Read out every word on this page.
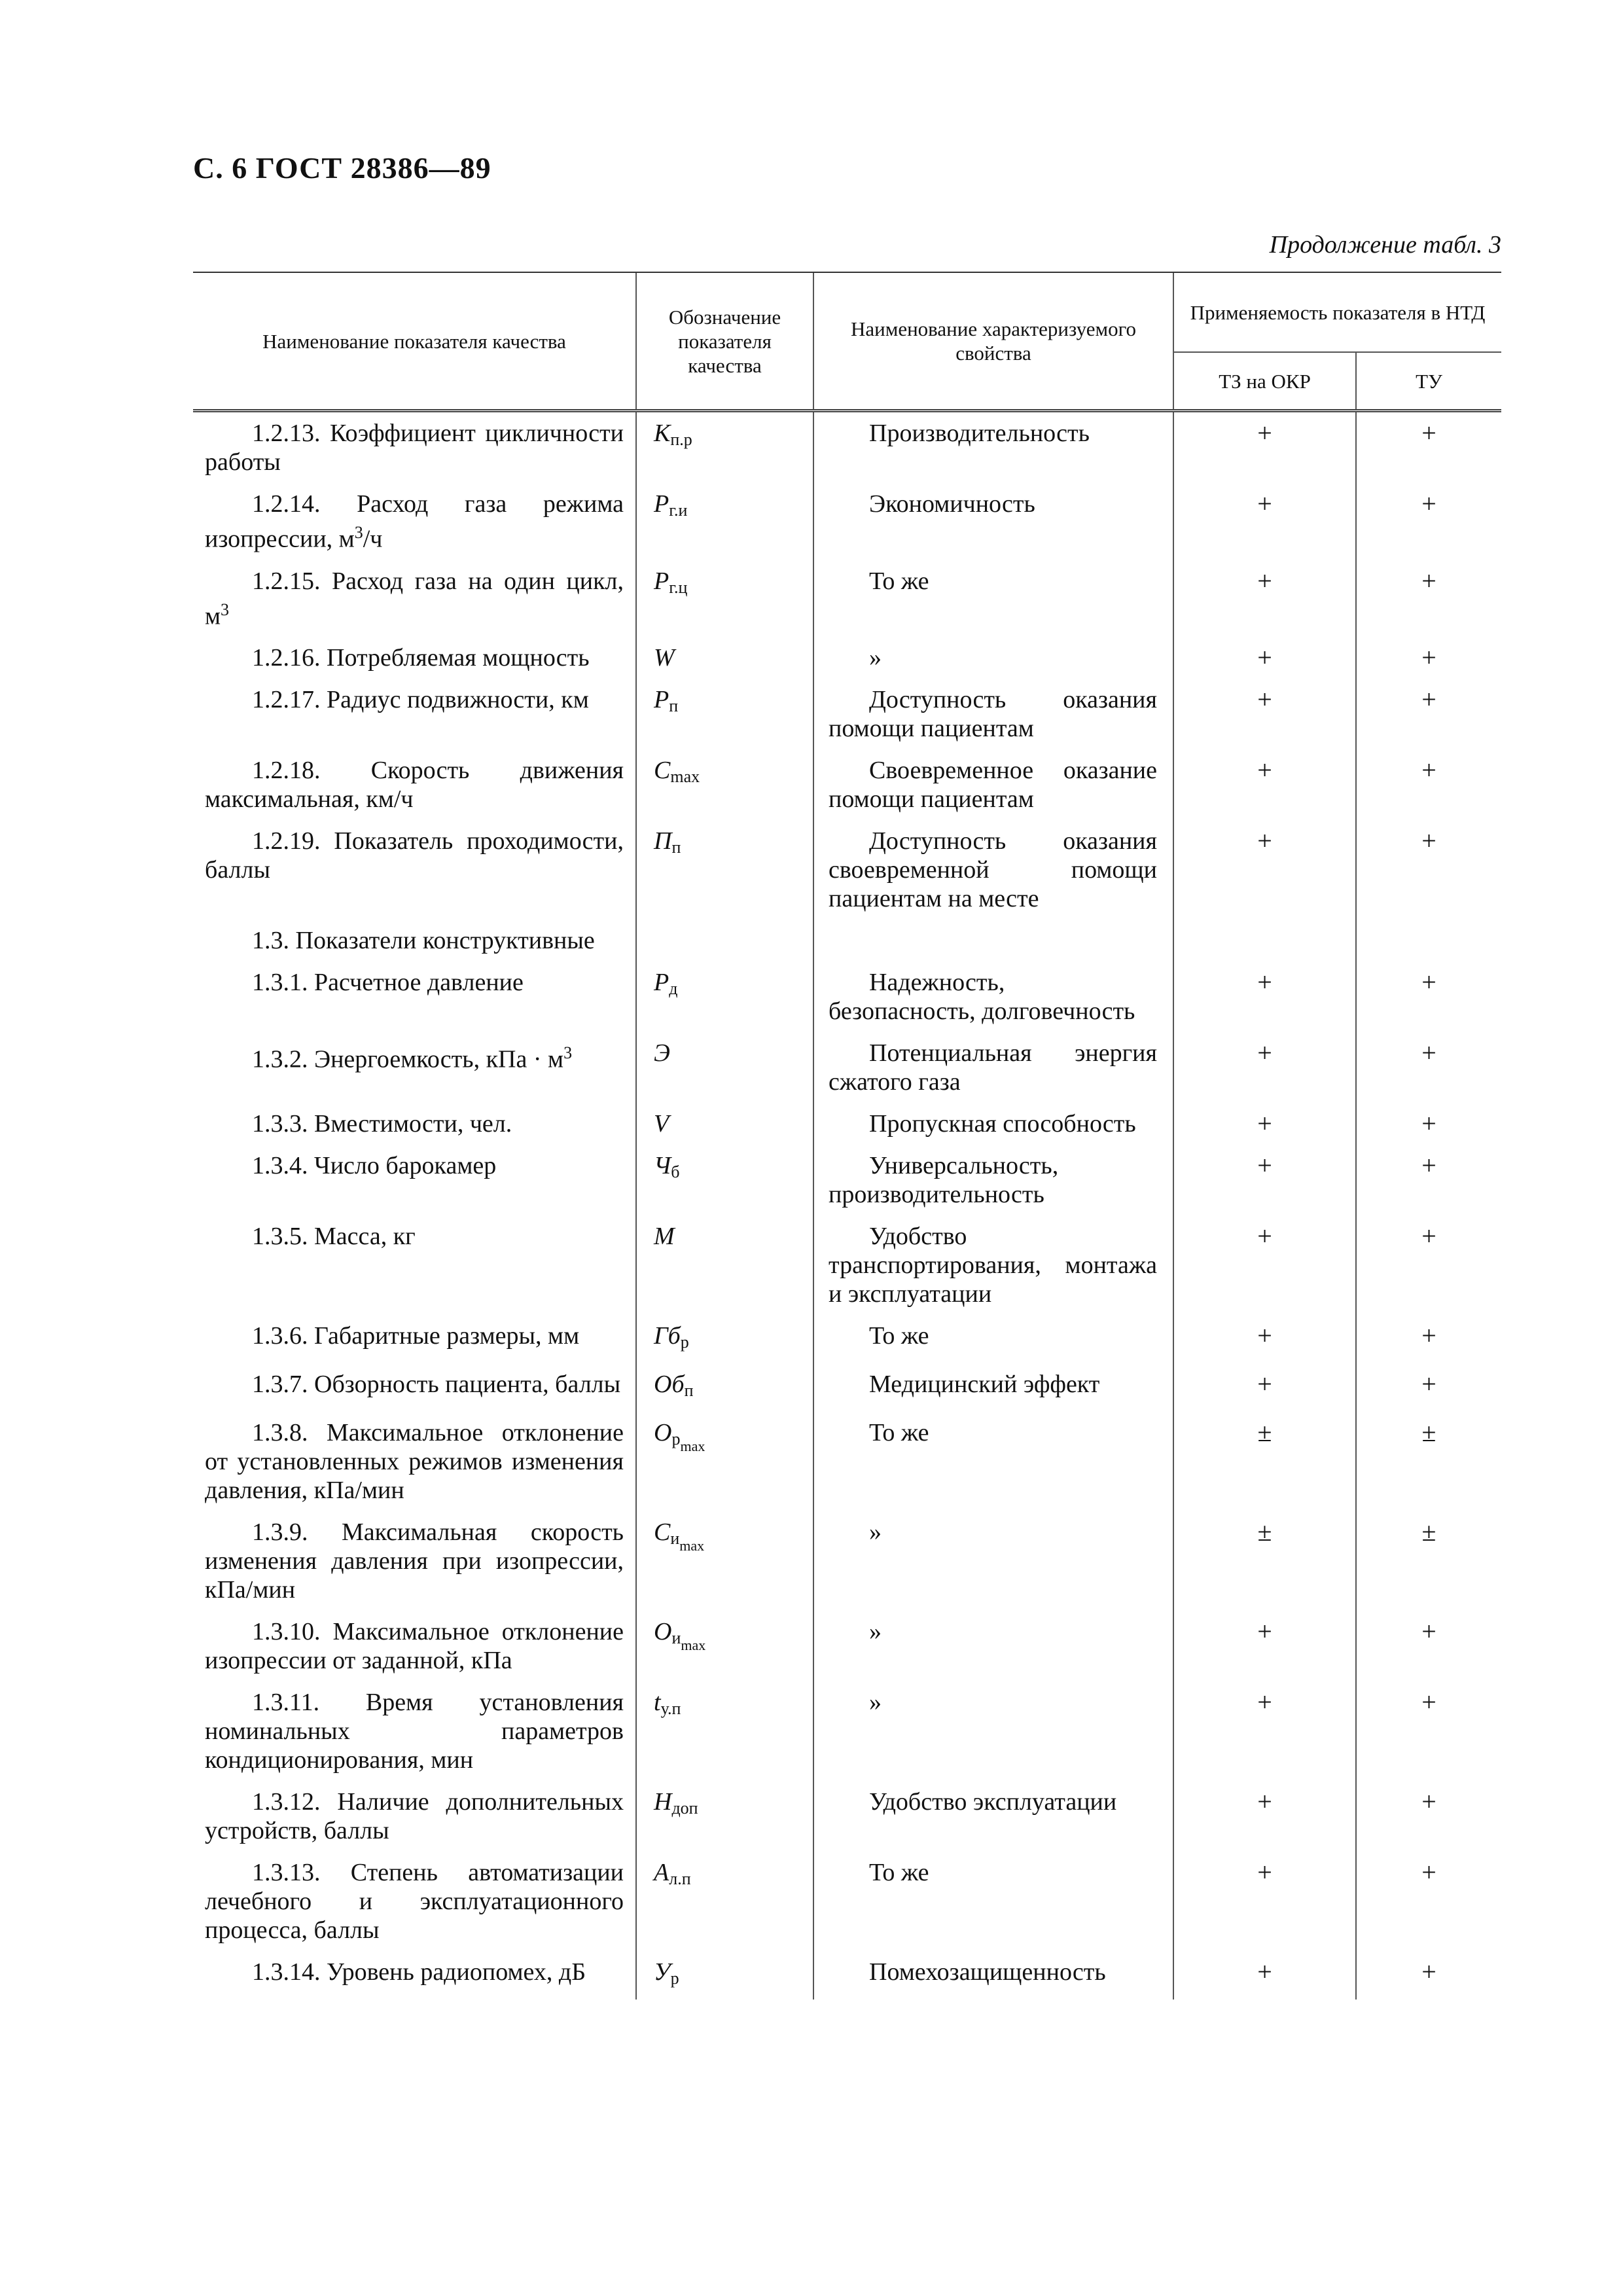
С. 6 ГОСТ 28386—89
Продолжение табл. 3
Наименование показателя качества	Обозначение показателя качества	Наименование характеризуемого свойства	Применяемость показателя в НТД	
			ТЗ на ОКР	ТУ
1.2.13. Коэффициент цикличности работы	$K_{п.р}$	Производительность	+	+
1.2.14. Расход газа режима изопрессии, $м^3/ч$	$P_{г.и}$	Экономичность	+	+
1.2.15. Расход газа на один цикл, $м^3$	$P_{г.ц}$	То же	+	+
1.2.16. Потребляемая мощность	W	»	+	+
1.2.17. Радиус подвижности, км	$P_п$	Доступность оказания помощи пациентам	+	+
1.2.18. Скорость движения максимальная, км/ч	$C_{max}$	Своевременное оказание помощи пациентам	+	+
1.2.19. Показатель проходимости, баллы	$П_п$	Доступность оказания своевременной помощи пациентам на месте	+	+
1.3. Показатели конструктивные				
1.3.1. Расчетное давление	$P_д$	Надежность, безопасность, долговечность	+	+
1.3.2. Энергоемкость, кПа · $м^3$	Э	Потенциальная энергия сжатого газа	+	+
1.3.3. Вместимости, чел.	V	Пропускная способность	+	+
1.3.4. Число барокамер	$Ч_б$	Универсальность, производительность	+	+
1.3.5. Масса, кг	M	Удобство транспортирования, монтажа и эксплуатации	+	+
1.3.6. Габаритные размеры, мм	$Гб_р$	То же	+	+
1.3.7. Обзорность пациента, баллы	$Об_п$	Медицинский эффект	+	+
1.3.8. Максимальное отклонение от установленных режимов изменения давления, кПа/мин	$O_{р_{max}}$	То же	±	±
1.3.9. Максимальная скорость изменения давления при изопрессии, кПа/мин	$C_{и_{max}}$	»	±	±
1.3.10. Максимальное отклонение изопрессии от заданной, кПа	$O_{и_{max}}$	»	+	+
1.3.11. Время установления номинальных параметров кондиционирования, мин	$t_{у.п}$	»	+	+
1.3.12. Наличие дополнительных устройств, баллы	$H_{доп}$	Удобство эксплуатации	+	+
1.3.13. Степень автоматизации лечебного и эксплуатационного процесса, баллы	$A_{л.п}$	То же	+	+
1.3.14. Уровень радиопомех, дБ	$У_р$	Помехозащищенность	+	+
